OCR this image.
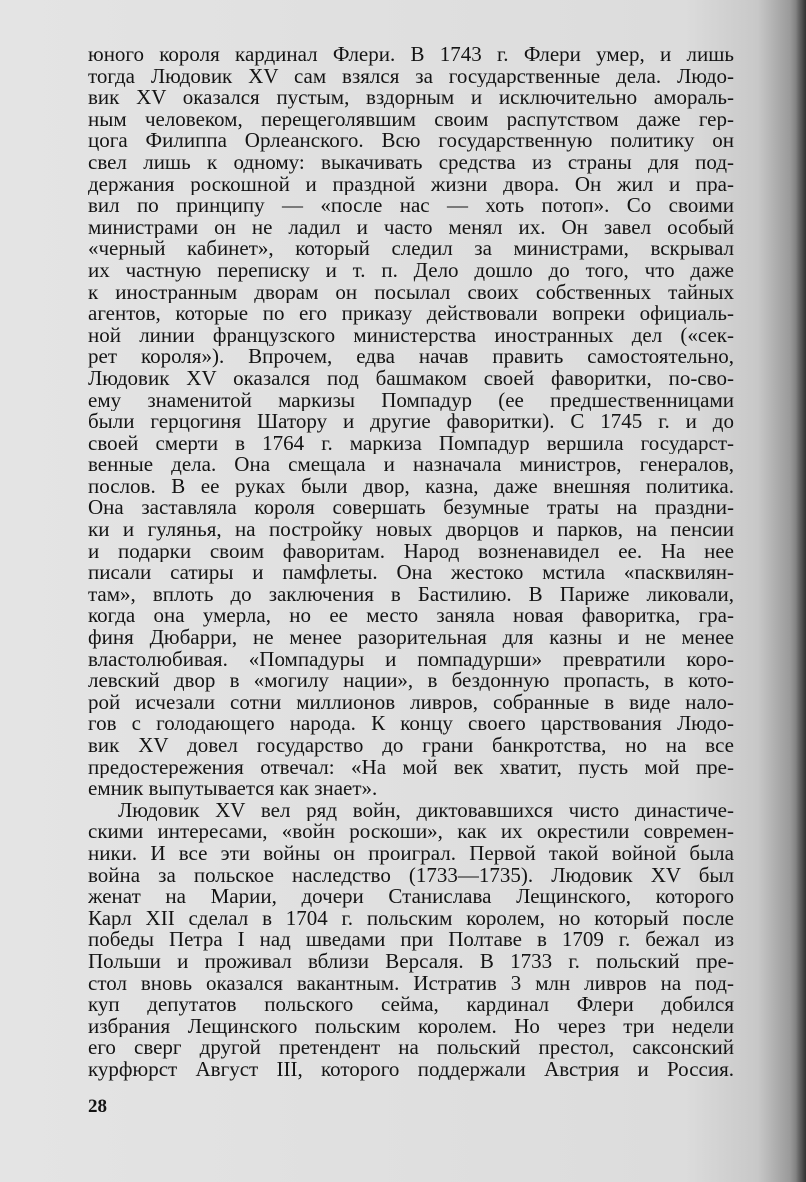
юного короля кардинал Флери. В 1743 г. Флери умер, и лишь
тогда Людовик XV сам взялся за государственные дела. Людо-
вик XV оказался пустым, вздорным и исключительно амораль-
ным человеком, перещеголявшим своим распутством даже гер-
цога Филиппа Орлеанского. Всю государственную политику он
свел лишь к одному: выкачивать средства из страны для под-
держания роскошной и праздной жизни двора. Он жил и пра-
вил по принципу — «после нас — хоть потоп». Со своими
министрами он не ладил и часто менял их. Он завел особый
«черный кабинет», который следил за министрами, вскрывал
их частную переписку и т. п. Дело дошло до того, что даже
к иностранным дворам он посылал своих собственных тайных
агентов, которые по его приказу действовали вопреки официаль-
ной линии французского министерства иностранных дел («сек-
рет короля»). Впрочем, едва начав править самостоятельно,
Людовик XV оказался под башмаком своей фаворитки, по-сво-
ему знаменитой маркизы Помпадур (ее предшественницами
были герцогиня Шатору и другие фаворитки). С 1745 г. и до
своей смерти в 1764 г. маркиза Помпадур вершила государст-
венные дела. Она смещала и назначала министров, генералов,
послов. В ее руках были двор, казна, даже внешняя политика.
Она заставляла короля совершать безумные траты на праздни-
ки и гулянья, на постройку новых дворцов и парков, на пенсии
и подарки своим фаворитам. Народ возненавидел ее. На нее
писали сатиры и памфлеты. Она жестоко мстила «пасквилян-
там», вплоть до заключения в Бастилию. В Париже ликовали,
когда она умерла, но ее место заняла новая фаворитка, гра-
финя Дюбарри, не менее разорительная для казны и не менее
властолюбивая. «Помпадуры и помпадурши» превратили коро-
левский двор в «могилу нации», в бездонную пропасть, в кото-
рой исчезали сотни миллионов ливров, собранные в виде нало-
гов с голодающего народа. К концу своего царствования Людо-
вик XV довел государство до грани банкротства, но на все
предостережения отвечал: «На мой век хватит, пусть мой пре-
емник выпутывается как знает».
Людовик XV вел ряд войн, диктовавшихся чисто династиче-
скими интересами, «войн роскоши», как их окрестили современ-
ники. И все эти войны он проиграл. Первой такой войной была
война за польское наследство (1733—1735). Людовик XV был
женат на Марии, дочери Станислава Лещинского, которого
Карл XII сделал в 1704 г. польским королем, но который после
победы Петра I над шведами при Полтаве в 1709 г. бежал из
Польши и проживал вблизи Версаля. В 1733 г. польский пре-
стол вновь оказался вакантным. Истратив 3 млн ливров на под-
куп депутатов польского сейма, кардинал Флери добился
избрания Лещинского польским королем. Но через три недели
его сверг другой претендент на польский престол, саксонский
курфюрст Август III, которого поддержали Австрия и Россия.
28
